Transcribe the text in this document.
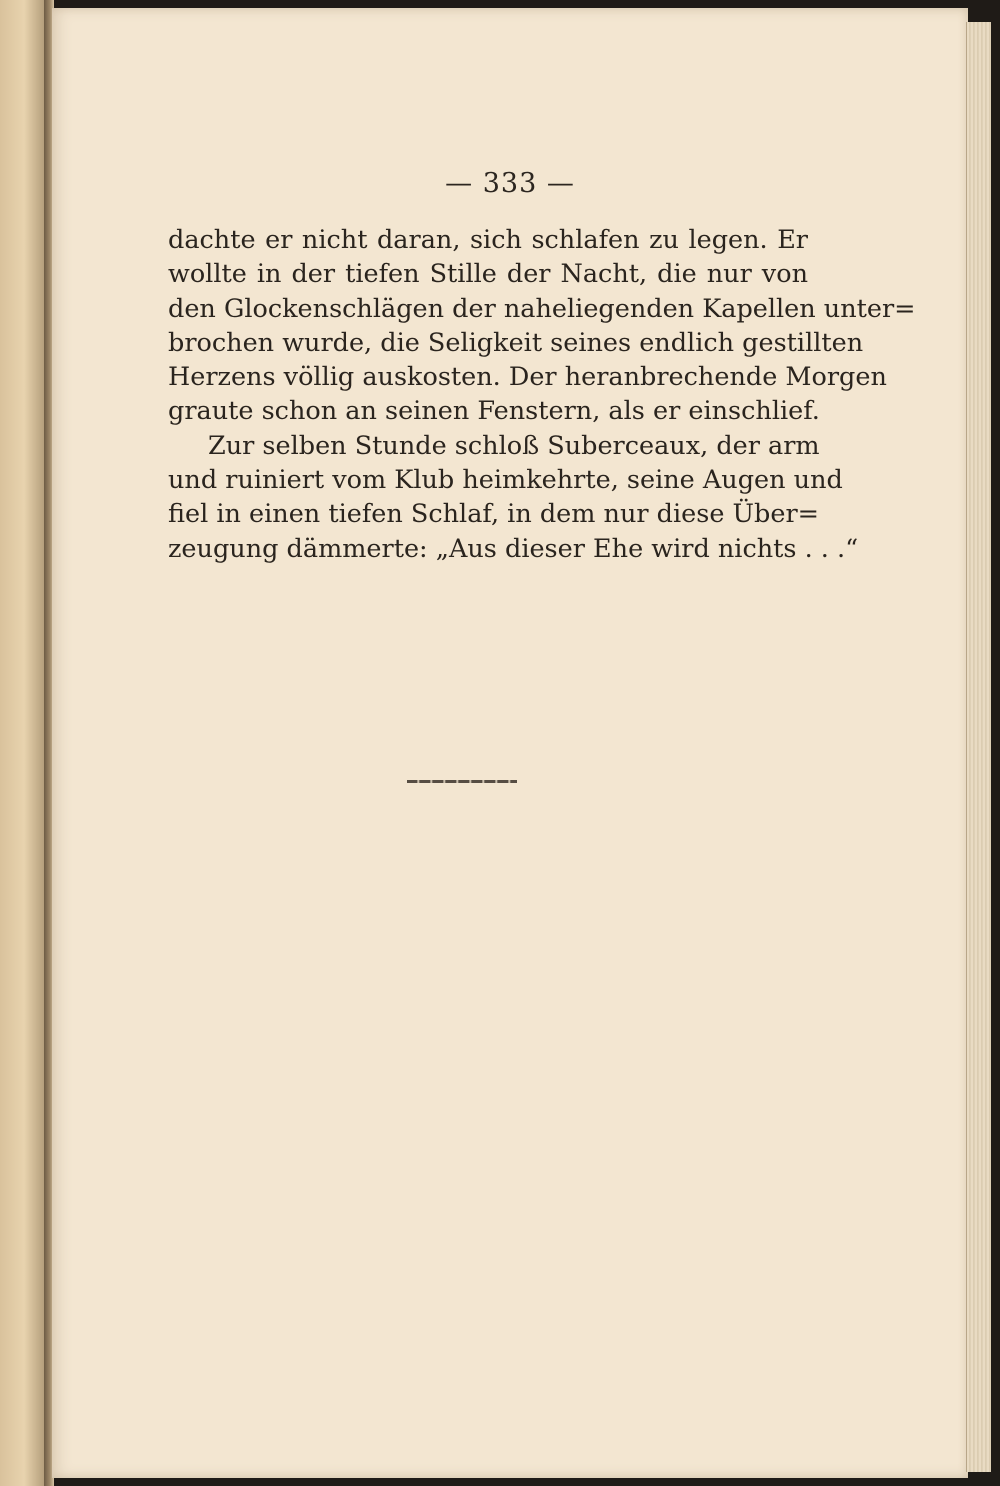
— 333 —
dachte er nicht daran, sich schlafen zu legen. Er
wollte in der tiefen Stille der Nacht, die nur von
den Glockenschlägen der naheliegenden Kapellen unter=
brochen wurde, die Seligkeit seines endlich gestillten
Herzens völlig auskosten. Der heranbrechende Morgen
graute schon an seinen Fenstern, als er einschlief.
Zur selben Stunde schloß Suberceaux, der arm
und ruiniert vom Klub heimkehrte, seine Augen und
fiel in einen tiefen Schlaf, in dem nur diese Über=
zeugung dämmerte: „Aus dieser Ehe wird nichts . . .“
